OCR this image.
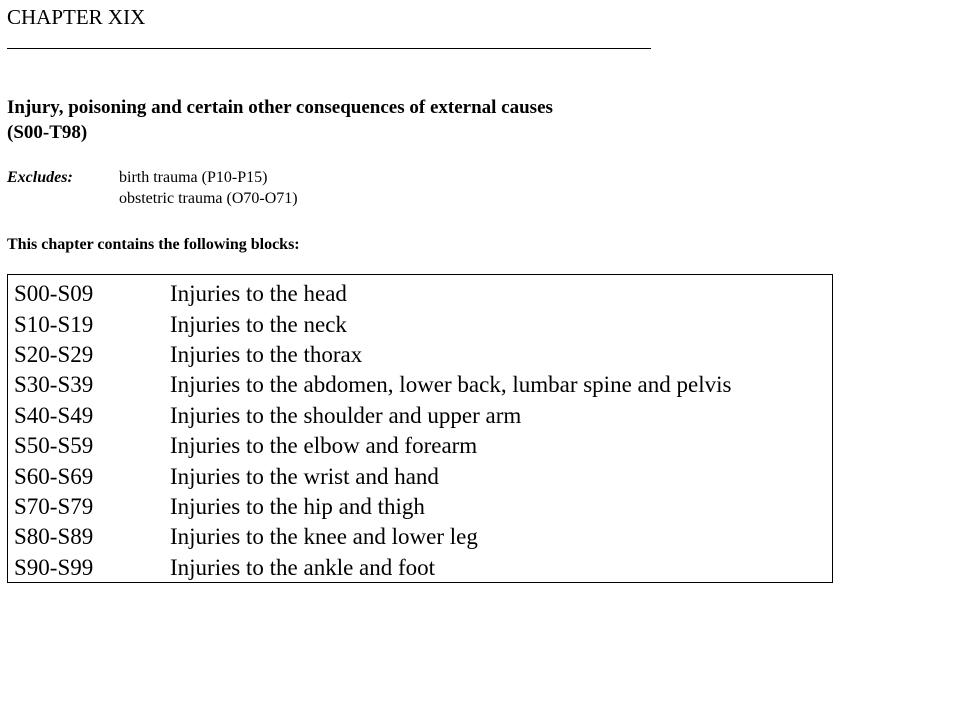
CHAPTER XIX
Injury, poisoning and certain other consequences of external causes
(S00-T98)
Excludes:	birth trauma (P10-P15)
obstetric trauma (O70-O71)
This chapter contains the following blocks:
S00-S09	Injuries to the head
S10-S19	Injuries to the neck
S20-S29	Injuries to the thorax
S30-S39	Injuries to the abdomen, lower back, lumbar spine and pelvis
S40-S49	Injuries to the shoulder and upper arm
S50-S59	Injuries to the elbow and forearm
S60-S69	Injuries to the wrist and hand
S70-S79	Injuries to the hip and thigh
S80-S89	Injuries to the knee and lower leg
S90-S99	Injuries to the ankle and foot
